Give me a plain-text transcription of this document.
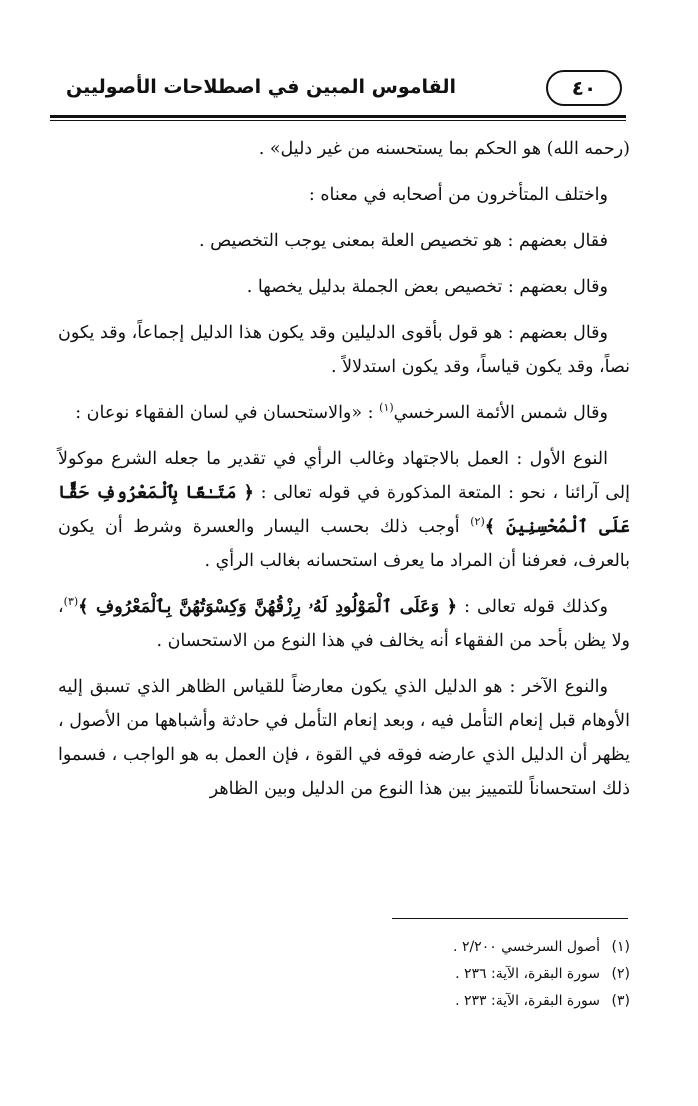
القاموس المبين في اصطلاحات الأصوليين	٤٠

(رحمه الله) هو الحكم بما يستحسنه من غير دليل» .

واختلف المتأخرون من أصحابه في معناه :

فقال بعضهم : هو تخصيص العلة بمعنى يوجب التخصيص .

وقال بعضهم : تخصيص بعض الجملة بدليل يخصها .

وقال بعضهم : هو قول بأقوى الدليلين وقد يكون هذا الدليل إجماعاً، وقد يكون نصاً، وقد يكون قياساً، وقد يكون استدلالاً .

وقال شمس الأئمة السرخسي$^{(١)}$ : «والاستحسان في لسان الفقهاء نوعان :

النوع الأول : العمل بالاجتهاد وغالب الرأي في تقدير ما جعله الشرع موكولاً إلى آرائنا ، نحو : المتعة المذكورة في قوله تعالى : ﴿ مَتَـٰعًا بِٱلْمَعْرُوفِ حَقًّا عَلَى ٱلْمُحْسِنِينَ ﴾$^{(٢)}$ أوجب ذلك بحسب اليسار والعسرة وشرط أن يكون بالعرف، فعرفنا أن المراد ما يعرف استحسانه بغالب الرأي .

وكذلك قوله تعالى : ﴿ وَعَلَى ٱلْمَوْلُودِ لَهُۥ رِزْقُهُنَّ وَكِسْوَتُهُنَّ بِٱلْمَعْرُوفِ ﴾$^{(٣)}$، ولا يظن بأحد من الفقهاء أنه يخالف في هذا النوع من الاستحسان .

والنوع الآخر : هو الدليل الذي يكون معارضاً للقياس الظاهر الذي تسبق إليه الأوهام قبل إنعام التأمل فيه ، وبعد إنعام التأمل في حادثة وأشباهها من الأصول ، يظهر أن الدليل الذي عارضه فوقه في القوة ، فإن العمل به هو الواجب ، فسموا ذلك استحساناً للتمييز بين هذا النوع من الدليل وبين الظاهر

(١)
أصول السرخسي ٢/٢٠٠ .
(٢)
سورة البقرة، الآية: ٢٣٦ .
(٣)
سورة البقرة، الآية: ٢٣٣ .
